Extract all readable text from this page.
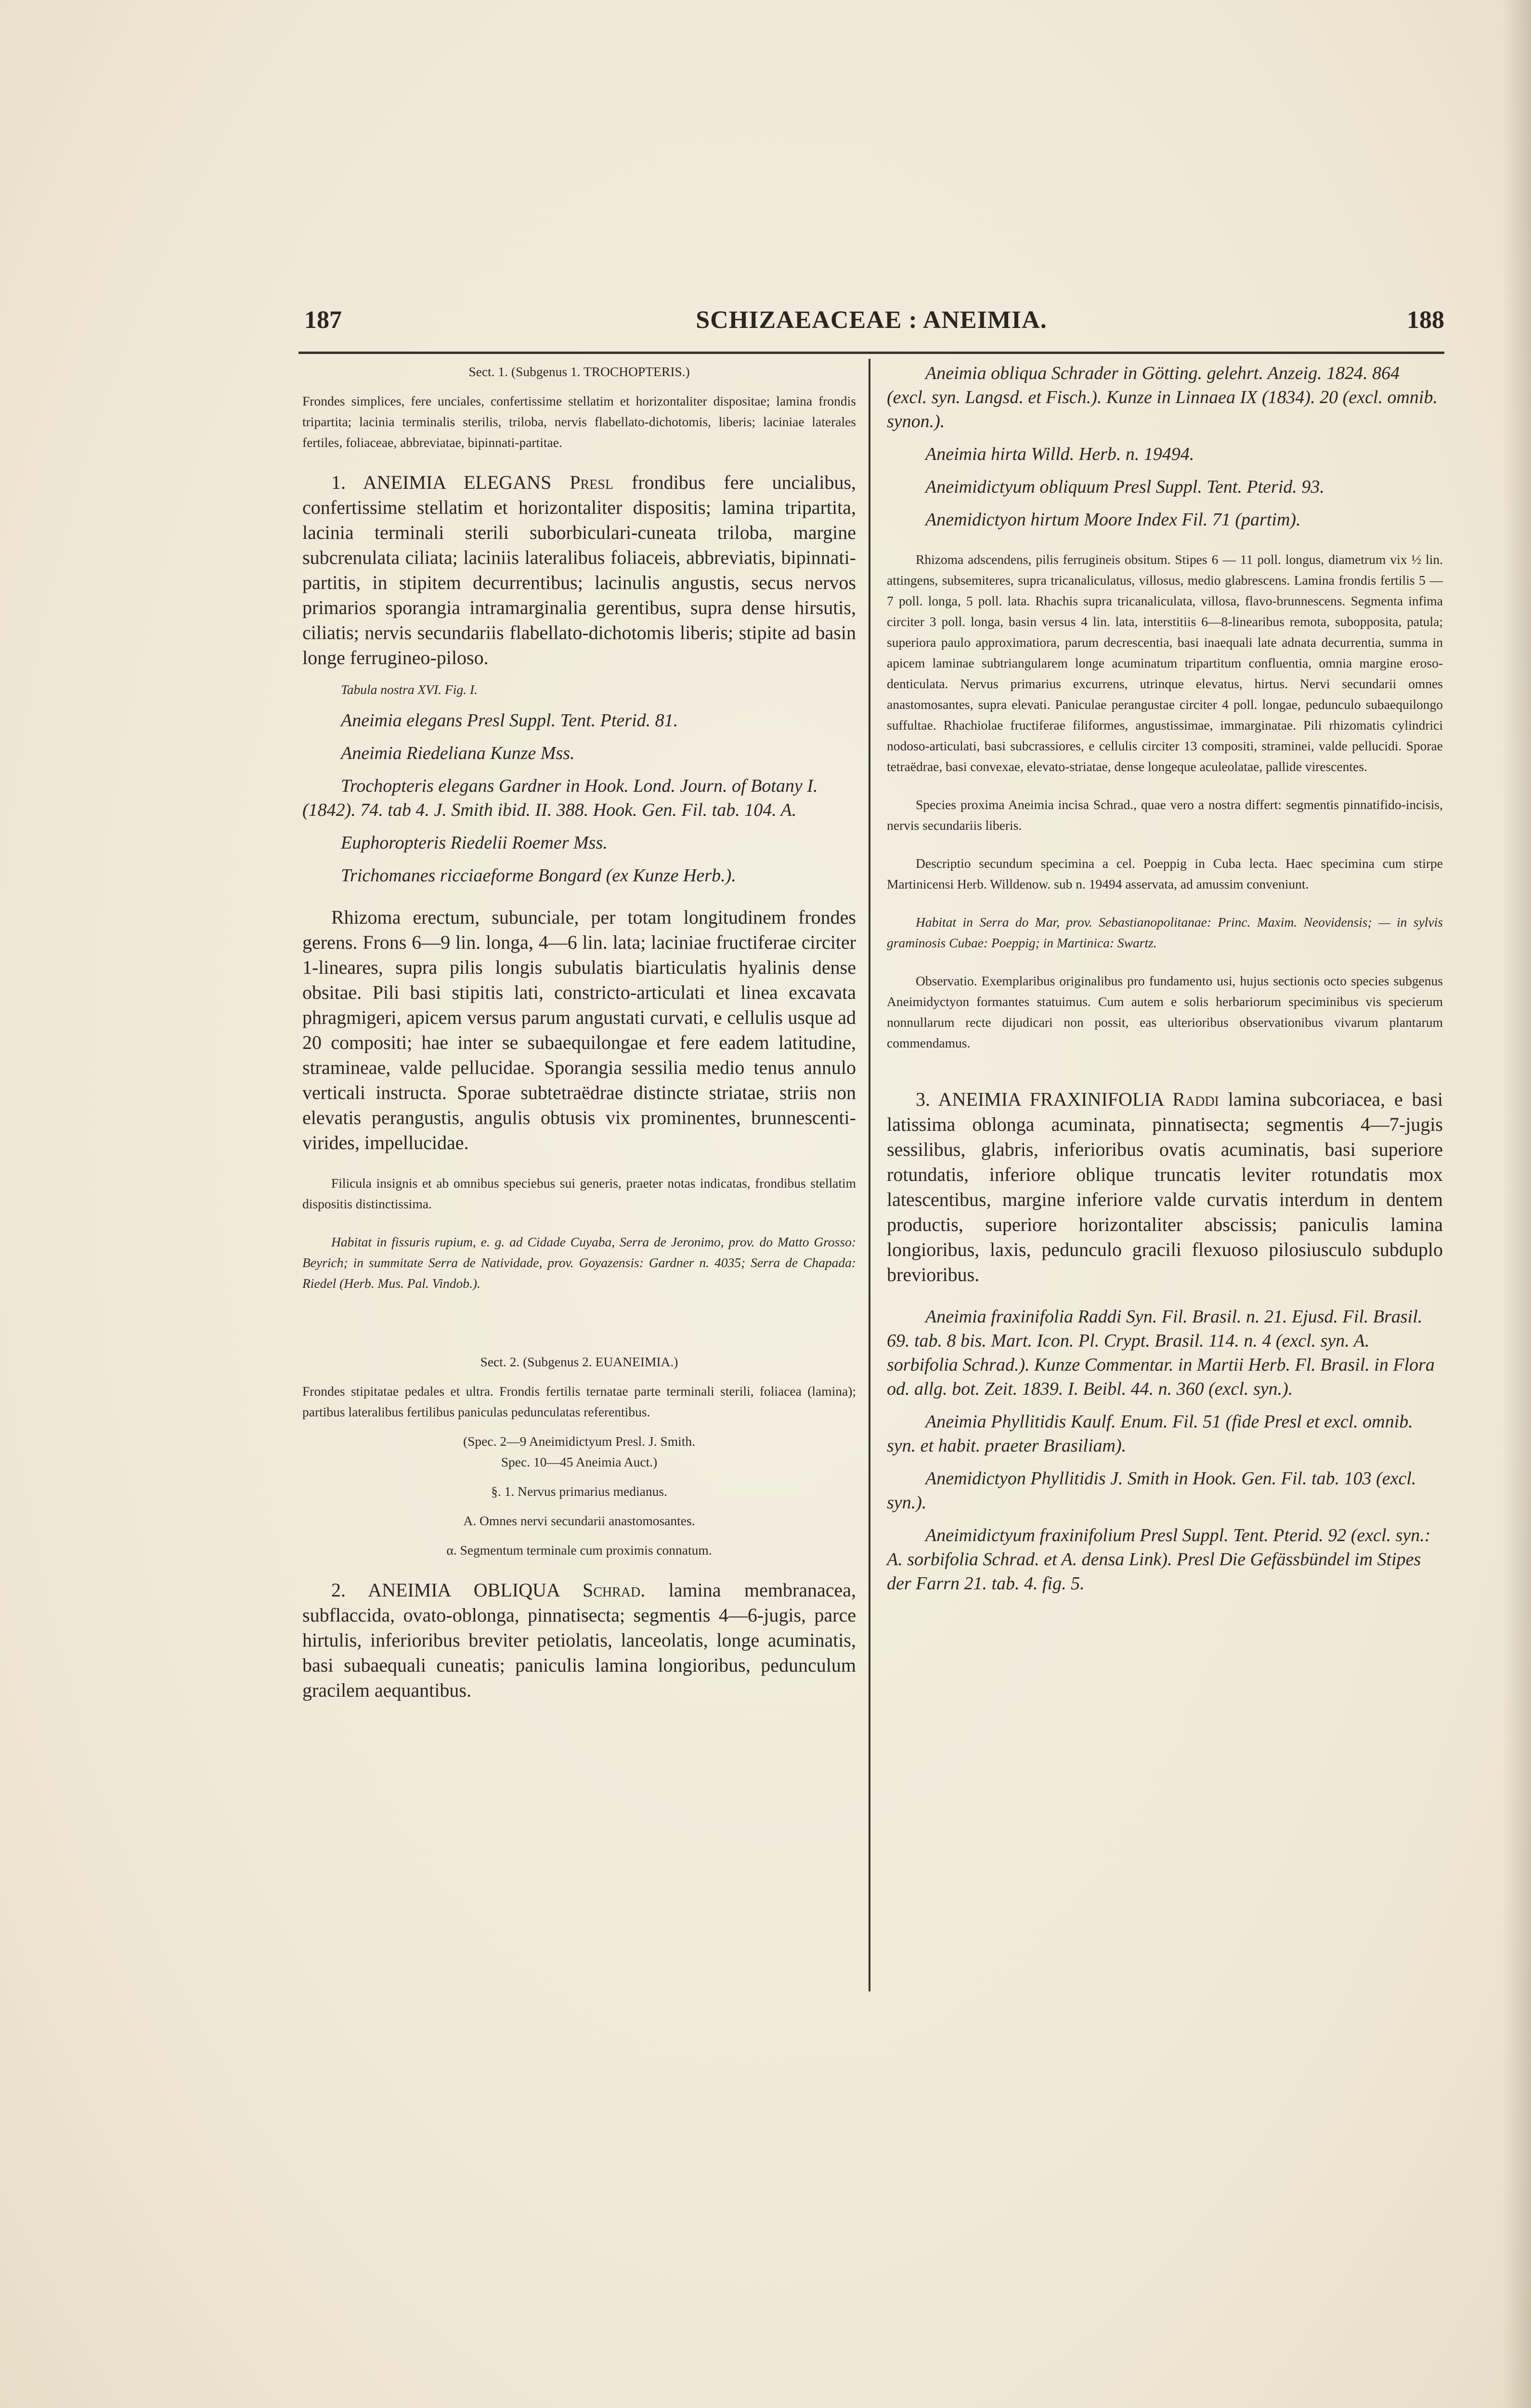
SCHIZAEACEAE : ANEIMIA.
187	188

Sect. 1. (Subgenus 1. TROCHOPTERIS.)

Frondes simplices, fere unciales, confertissime stellatim et horizontaliter dispositae; lamina frondis tripartita; lacinia terminalis sterilis, triloba, nervis flabellato-dichotomis, liberis; laciniae laterales fertiles, foliaceae, abbreviatae, bipinnati-partitae.

1. ANEIMIA ELEGANS Presl frondibus fere uncialibus, confertissime stellatim et horizontaliter dispositis; lamina tripartita, lacinia terminali sterili suborbiculari-cuneata triloba, margine subcrenulata ciliata; laciniis lateralibus foliaceis, abbreviatis, bipinnati-partitis, in stipitem decurrentibus; lacinulis angustis, secus nervos primarios sporangia intramarginalia gerentibus, supra dense hirsutis, ciliatis; nervis secundariis flabellato-dichotomis liberis; stipite ad basin longe ferrugineo-piloso.

Tabula nostra XVI. Fig. I.

Aneimia elegans Presl Suppl. Tent. Pterid. 81.

Aneimia Riedeliana Kunze Mss.

Trochopteris elegans Gardner in Hook. Lond. Journ. of Botany I. (1842). 74. tab 4. J. Smith ibid. II. 388. Hook. Gen. Fil. tab. 104. A.

Euphoropteris Riedelii Roemer Mss.

Trichomanes ricciaeforme Bongard (ex Kunze Herb.).

Rhizoma erectum, subunciale, per totam longitudinem frondes gerens. Frons 6—9 lin. longa, 4—6 lin. lata; laciniae fructiferae circiter 1-lineares, supra pilis longis subulatis biarticulatis hyalinis dense obsitae. Pili basi stipitis lati, constricto-articulati et linea excavata phragmigeri, apicem versus parum angustati curvati, e cellulis usque ad 20 compositi; hae inter se subaequilongae et fere eadem latitudine, stramineae, valde pellucidae. Sporangia sessilia medio tenus annulo verticali instructa. Sporae subtetraëdrae distincte striatae, striis non elevatis perangustis, angulis obtusis vix prominentes, brunnescenti-virides, impellucidae.

Filicula insignis et ab omnibus speciebus sui generis, praeter notas indicatas, frondibus stellatim dispositis distinctissima.

Habitat in fissuris rupium, e. g. ad Cidade Cuyaba, Serra de Jeronimo, prov. do Matto Grosso: Beyrich; in summitate Serra de Natividade, prov. Goyazensis: Gardner n. 4035; Serra de Chapada: Riedel (Herb. Mus. Pal. Vindob.).

Sect. 2. (Subgenus 2. EUANEIMIA.)

Frondes stipitatae pedales et ultra. Frondis fertilis ternatae parte terminali sterili, foliacea (lamina); partibus lateralibus fertilibus paniculas pedunculatas referentibus.

(Spec. 2—9 Aneimidictyum Presl. J. Smith.

Spec. 10—45 Aneimia Auct.)

§. 1. Nervus primarius medianus.

A. Omnes nervi secundarii anastomosantes.

α. Segmentum terminale cum proximis connatum.

2. ANEIMIA OBLIQUA Schrad. lamina membranacea, subflaccida, ovato-oblonga, pinnatisecta; segmentis 4—6-jugis, parce hirtulis, inferioribus breviter petiolatis, lanceolatis, longe acuminatis, basi subaequali cuneatis; paniculis lamina longioribus, pedunculum gracilem aequantibus.

Aneimia obliqua Schrader in Götting. gelehrt. Anzeig. 1824. 864 (excl. syn. Langsd. et Fisch.). Kunze in Linnaea IX (1834). 20 (excl. omnib. synon.).

Aneimia hirta Willd. Herb. n. 19494.

Aneimidictyum obliquum Presl Suppl. Tent. Pterid. 93.

Anemidictyon hirtum Moore Index Fil. 71 (partim).

Rhizoma adscendens, pilis ferrugineis obsitum. Stipes 6 — 11 poll. longus, diametrum vix ½ lin. attingens, subsemiteres, supra tricanaliculatus, villosus, medio glabrescens. Lamina frondis fertilis 5 — 7 poll. longa, 5 poll. lata. Rhachis supra tricanaliculata, villosa, flavo-brunnescens. Segmenta infima circiter 3 poll. longa, basin versus 4 lin. lata, interstitiis 6—8-linearibus remota, subopposita, patula; superiora paulo approximatiora, parum decrescentia, basi inaequali late adnata decurrentia, summa in apicem laminae subtriangularem longe acuminatum tripartitum confluentia, omnia margine eroso-denticulata. Nervus primarius excurrens, utrinque elevatus, hirtus. Nervi secundarii omnes anastomosantes, supra elevati. Paniculae perangustae circiter 4 poll. longae, pedunculo subaequilongo suffultae. Rhachiolae fructiferae filiformes, angustissimae, immarginatae. Pili rhizomatis cylindrici nodoso-articulati, basi subcrassiores, e cellulis circiter 13 compositi, straminei, valde pellucidi. Sporae tetraëdrae, basi convexae, elevato-striatae, dense longeque aculeolatae, pallide virescentes.

Species proxima Aneimia incisa Schrad., quae vero a nostra differt: segmentis pinnatifido-incisis, nervis secundariis liberis.

Descriptio secundum specimina a cel. Poeppig in Cuba lecta. Haec specimina cum stirpe Martinicensi Herb. Willdenow. sub n. 19494 asservata, ad amussim conveniunt.

Habitat in Serra do Mar, prov. Sebastianopolitanae: Princ. Maxim. Neovidensis; — in sylvis graminosis Cubae: Poeppig; in Martinica: Swartz.

Observatio. Exemplaribus originalibus pro fundamento usi, hujus sectionis octo species subgenus Aneimidyctyon formantes statuimus. Cum autem e solis herbariorum speciminibus vis specierum nonnullarum recte dijudicari non possit, eas ulterioribus observationibus vivarum plantarum commendamus.

3. ANEIMIA FRAXINIFOLIA Raddi lamina subcoriacea, e basi latissima oblonga acuminata, pinnatisecta; segmentis 4—7-jugis sessilibus, glabris, inferioribus ovatis acuminatis, basi superiore rotundatis, inferiore oblique truncatis leviter rotundatis mox latescentibus, margine inferiore valde curvatis interdum in dentem productis, superiore horizontaliter abscissis; paniculis lamina longioribus, laxis, pedunculo gracili flexuoso pilosiusculo subduplo brevioribus.

Aneimia fraxinifolia Raddi Syn. Fil. Brasil. n. 21. Ejusd. Fil. Brasil. 69. tab. 8 bis. Mart. Icon. Pl. Crypt. Brasil. 114. n. 4 (excl. syn. A. sorbifolia Schrad.). Kunze Commentar. in Martii Herb. Fl. Brasil. in Flora od. allg. bot. Zeit. 1839. I. Beibl. 44. n. 360 (excl. syn.).

Aneimia Phyllitidis Kaulf. Enum. Fil. 51 (fide Presl et excl. omnib. syn. et habit. praeter Brasiliam).

Anemidictyon Phyllitidis J. Smith in Hook. Gen. Fil. tab. 103 (excl. syn.).

Aneimidictyum fraxinifolium Presl Suppl. Tent. Pterid. 92 (excl. syn.: A. sorbifolia Schrad. et A. densa Link). Presl Die Gefässbündel im Stipes der Farrn 21. tab. 4. fig. 5.
